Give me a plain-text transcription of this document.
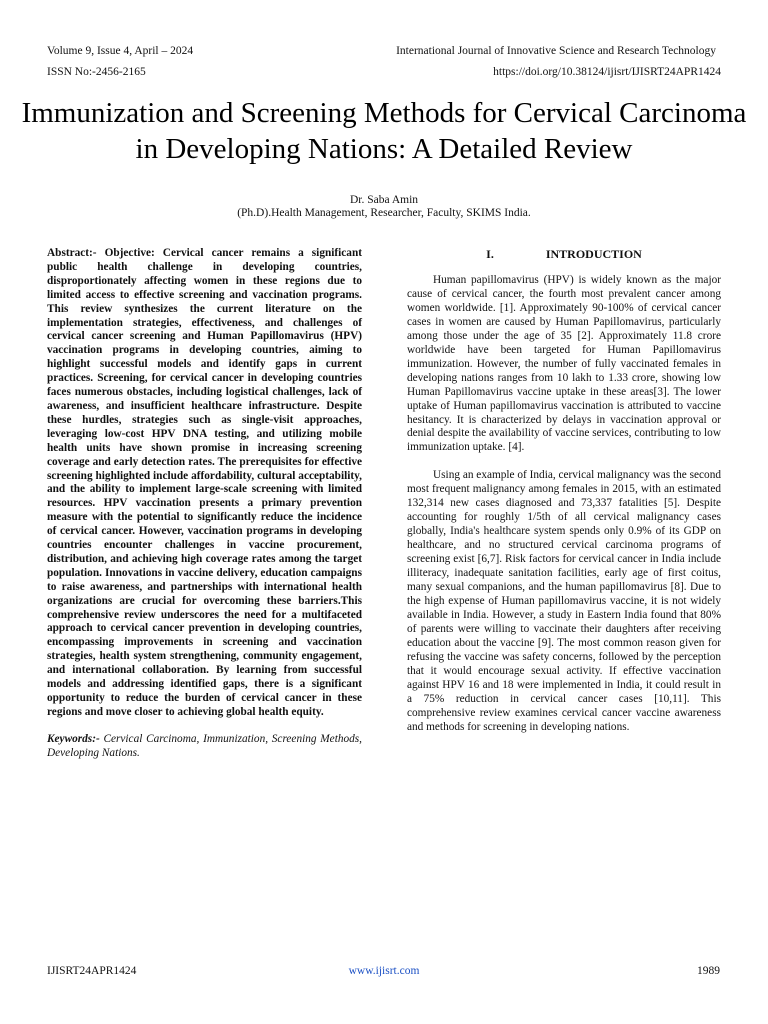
Volume 9, Issue 4, April – 2024	International Journal of Innovative Science and Research Technology
ISSN No:-2456-2165	https://doi.org/10.38124/ijisrt/IJISRT24APR1424
Immunization and Screening Methods for Cervical Carcinoma in Developing Nations: A Detailed Review
Dr. Saba Amin
(Ph.D).Health Management, Researcher, Faculty, SKIMS India.

Abstract:- Objective: Cervical cancer remains a significant public health challenge in developing countries, disproportionately affecting women in these regions due to limited access to effective screening and vaccination programs. This review synthesizes the current literature on the implementation strategies, effectiveness, and challenges of cervical cancer screening and Human Papillomavirus (HPV) vaccination programs in developing countries, aiming to highlight successful models and identify gaps in current practices. Screening, for cervical cancer in developing countries faces numerous obstacles, including logistical challenges, lack of awareness, and insufficient healthcare infrastructure. Despite these hurdles, strategies such as single-visit approaches, leveraging low-cost HPV DNA testing, and utilizing mobile health units have shown promise in increasing screening coverage and early detection rates. The prerequisites for effective screening highlighted include affordability, cultural acceptability, and the ability to implement large-scale screening with limited resources. HPV vaccination presents a primary prevention measure with the potential to significantly reduce the incidence of cervical cancer. However, vaccination programs in developing countries encounter challenges in vaccine procurement, distribution, and achieving high coverage rates among the target population. Innovations in vaccine delivery, education campaigns to raise awareness, and partnerships with international health organizations are crucial for overcoming these barriers.This comprehensive review underscores the need for a multifaceted approach to cervical cancer prevention in developing countries, encompassing improvements in screening and vaccination strategies, health system strengthening, community engagement, and international collaboration. By learning from successful models and addressing identified gaps, there is a significant opportunity to reduce the burden of cervical cancer in these regions and move closer to achieving global health equity.

Keywords:- Cervical Carcinoma, Immunization, Screening Methods, Developing Nations.

I.	INTRODUCTION

Human papillomavirus (HPV) is widely known as the major cause of cervical cancer, the fourth most prevalent cancer among women worldwide. [1]. Approximately 90-100% of cervical cancer cases in women are caused by Human Papillomavirus, particularly among those under the age of 35 [2]. Approximately 11.8 crore worldwide have been targeted for Human Papillomavirus immunization. However, the number of fully vaccinated females in developing nations ranges from 10 lakh to 1.33 crore, showing low Human Papillomavirus vaccine uptake in these areas[3]. The lower uptake of Human papillomavirus vaccination is attributed to vaccine hesitancy. It is characterized by delays in vaccination approval or denial despite the availability of vaccine services, contributing to low immunization uptake. [4].

Using an example of India, cervical malignancy was the second most frequent malignancy among females in 2015, with an estimated 132,314 new cases diagnosed and 73,337 fatalities [5]. Despite accounting for roughly 1/5th of all cervical malignancy cases globally, India's healthcare system spends only 0.9% of its GDP on healthcare, and no structured cervical carcinoma programs of screening exist [6,7]. Risk factors for cervical cancer in India include illiteracy, inadequate sanitation facilities, early age of first coitus, many sexual companions, and the human papillomavirus [8]. Due to the high expense of Human papillomavirus vaccine, it is not widely available in India. However, a study in Eastern India found that 80% of parents were willing to vaccinate their daughters after receiving education about the vaccine [9]. The most common reason given for refusing the vaccine was safety concerns, followed by the perception that it would encourage sexual activity. If effective vaccination against HPV 16 and 18 were implemented in India, it could result in a 75% reduction in cervical cancer cases [10,11]. This comprehensive review examines cervical cancer vaccine awareness and methods for screening in developing nations.

IJISRT24APR1424	www.ijisrt.com	1989
